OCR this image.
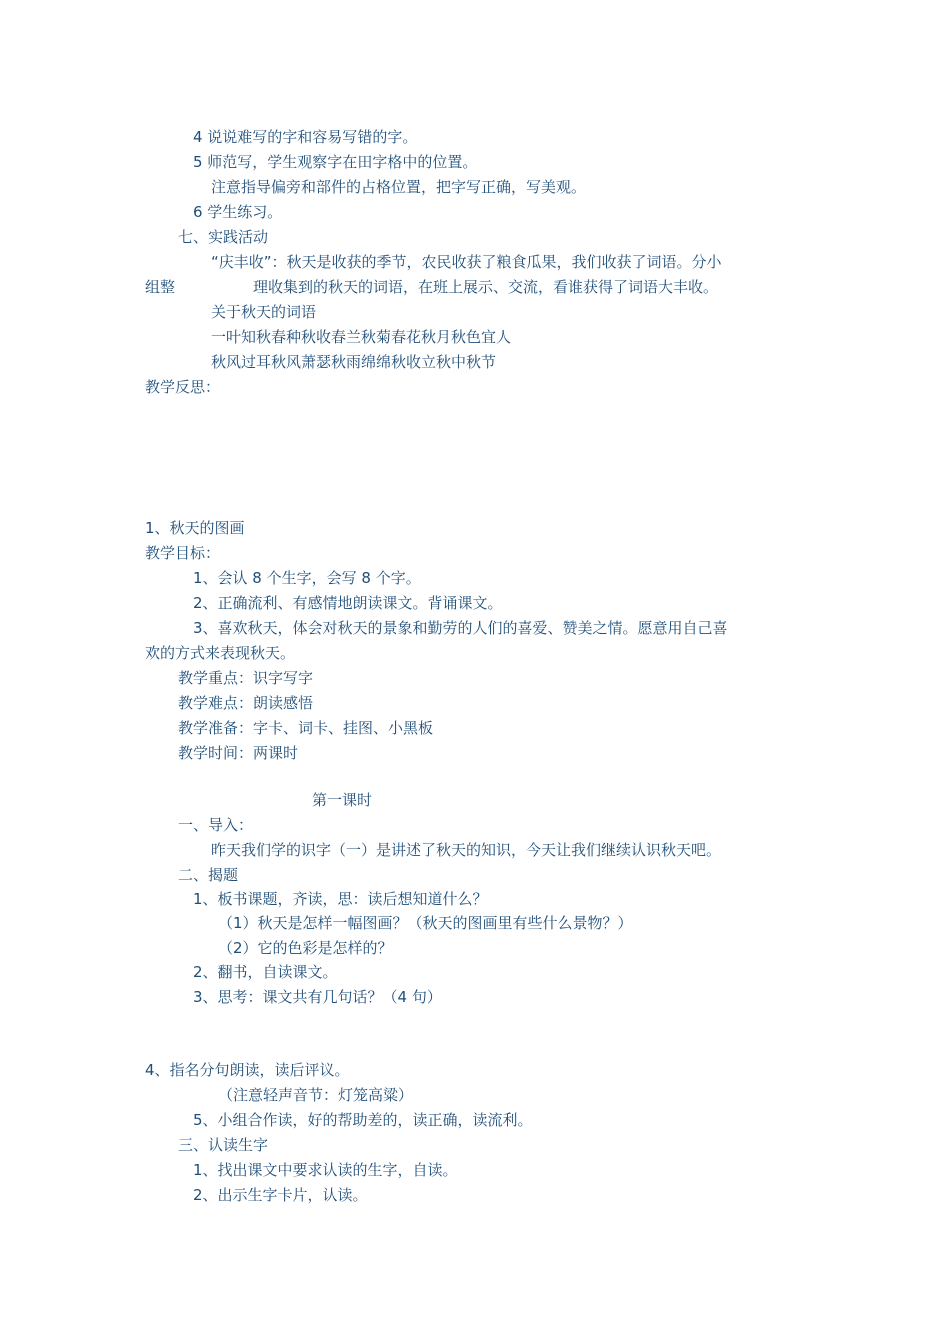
4 说说难写的字和容易写错的字。
5 师范写，学生观察字在田字格中的位置。
注意指导偏旁和部件的占格位置，把字写正确，写美观。
6 学生练习。
七、实践活动
“庆丰收”：秋天是收获的季节，农民收获了粮食瓜果，我们收获了词语。分小
组整	理收集到的秋天的词语，在班上展示、交流，看谁获得了词语大丰收。
关于秋天的词语
一叶知秋春种秋收春兰秋菊春花秋月秋色宜人
秋风过耳秋风萧瑟秋雨绵绵秋收立秋中秋节
教学反思：
1、秋天的图画
教学目标：
1、会认 8 个生字，会写 8 个字。
2、正确流利、有感情地朗读课文。背诵课文。
3、喜欢秋天，体会对秋天的景象和勤劳的人们的喜爱、赞美之情。愿意用自己喜
欢的方式来表现秋天。
教学重点：识字写字
教学难点：朗读感悟
教学准备：字卡、词卡、挂图、小黑板
教学时间：两课时
第一课时
一、导入：
昨天我们学的识字（一）是讲述了秋天的知识，今天让我们继续认识秋天吧。
二、揭题
1、板书课题，齐读，思：读后想知道什么？
（1）秋天是怎样一幅图画？（秋天的图画里有些什么景物？）
（2）它的色彩是怎样的？
2、翻书，自读课文。
3、思考：课文共有几句话？（4 句）
4、指名分句朗读，读后评议。
（注意轻声音节：灯笼高粱）
5、小组合作读，好的帮助差的，读正确，读流利。
三、认读生字
1、找出课文中要求认读的生字，自读。
2、出示生字卡片，认读。
